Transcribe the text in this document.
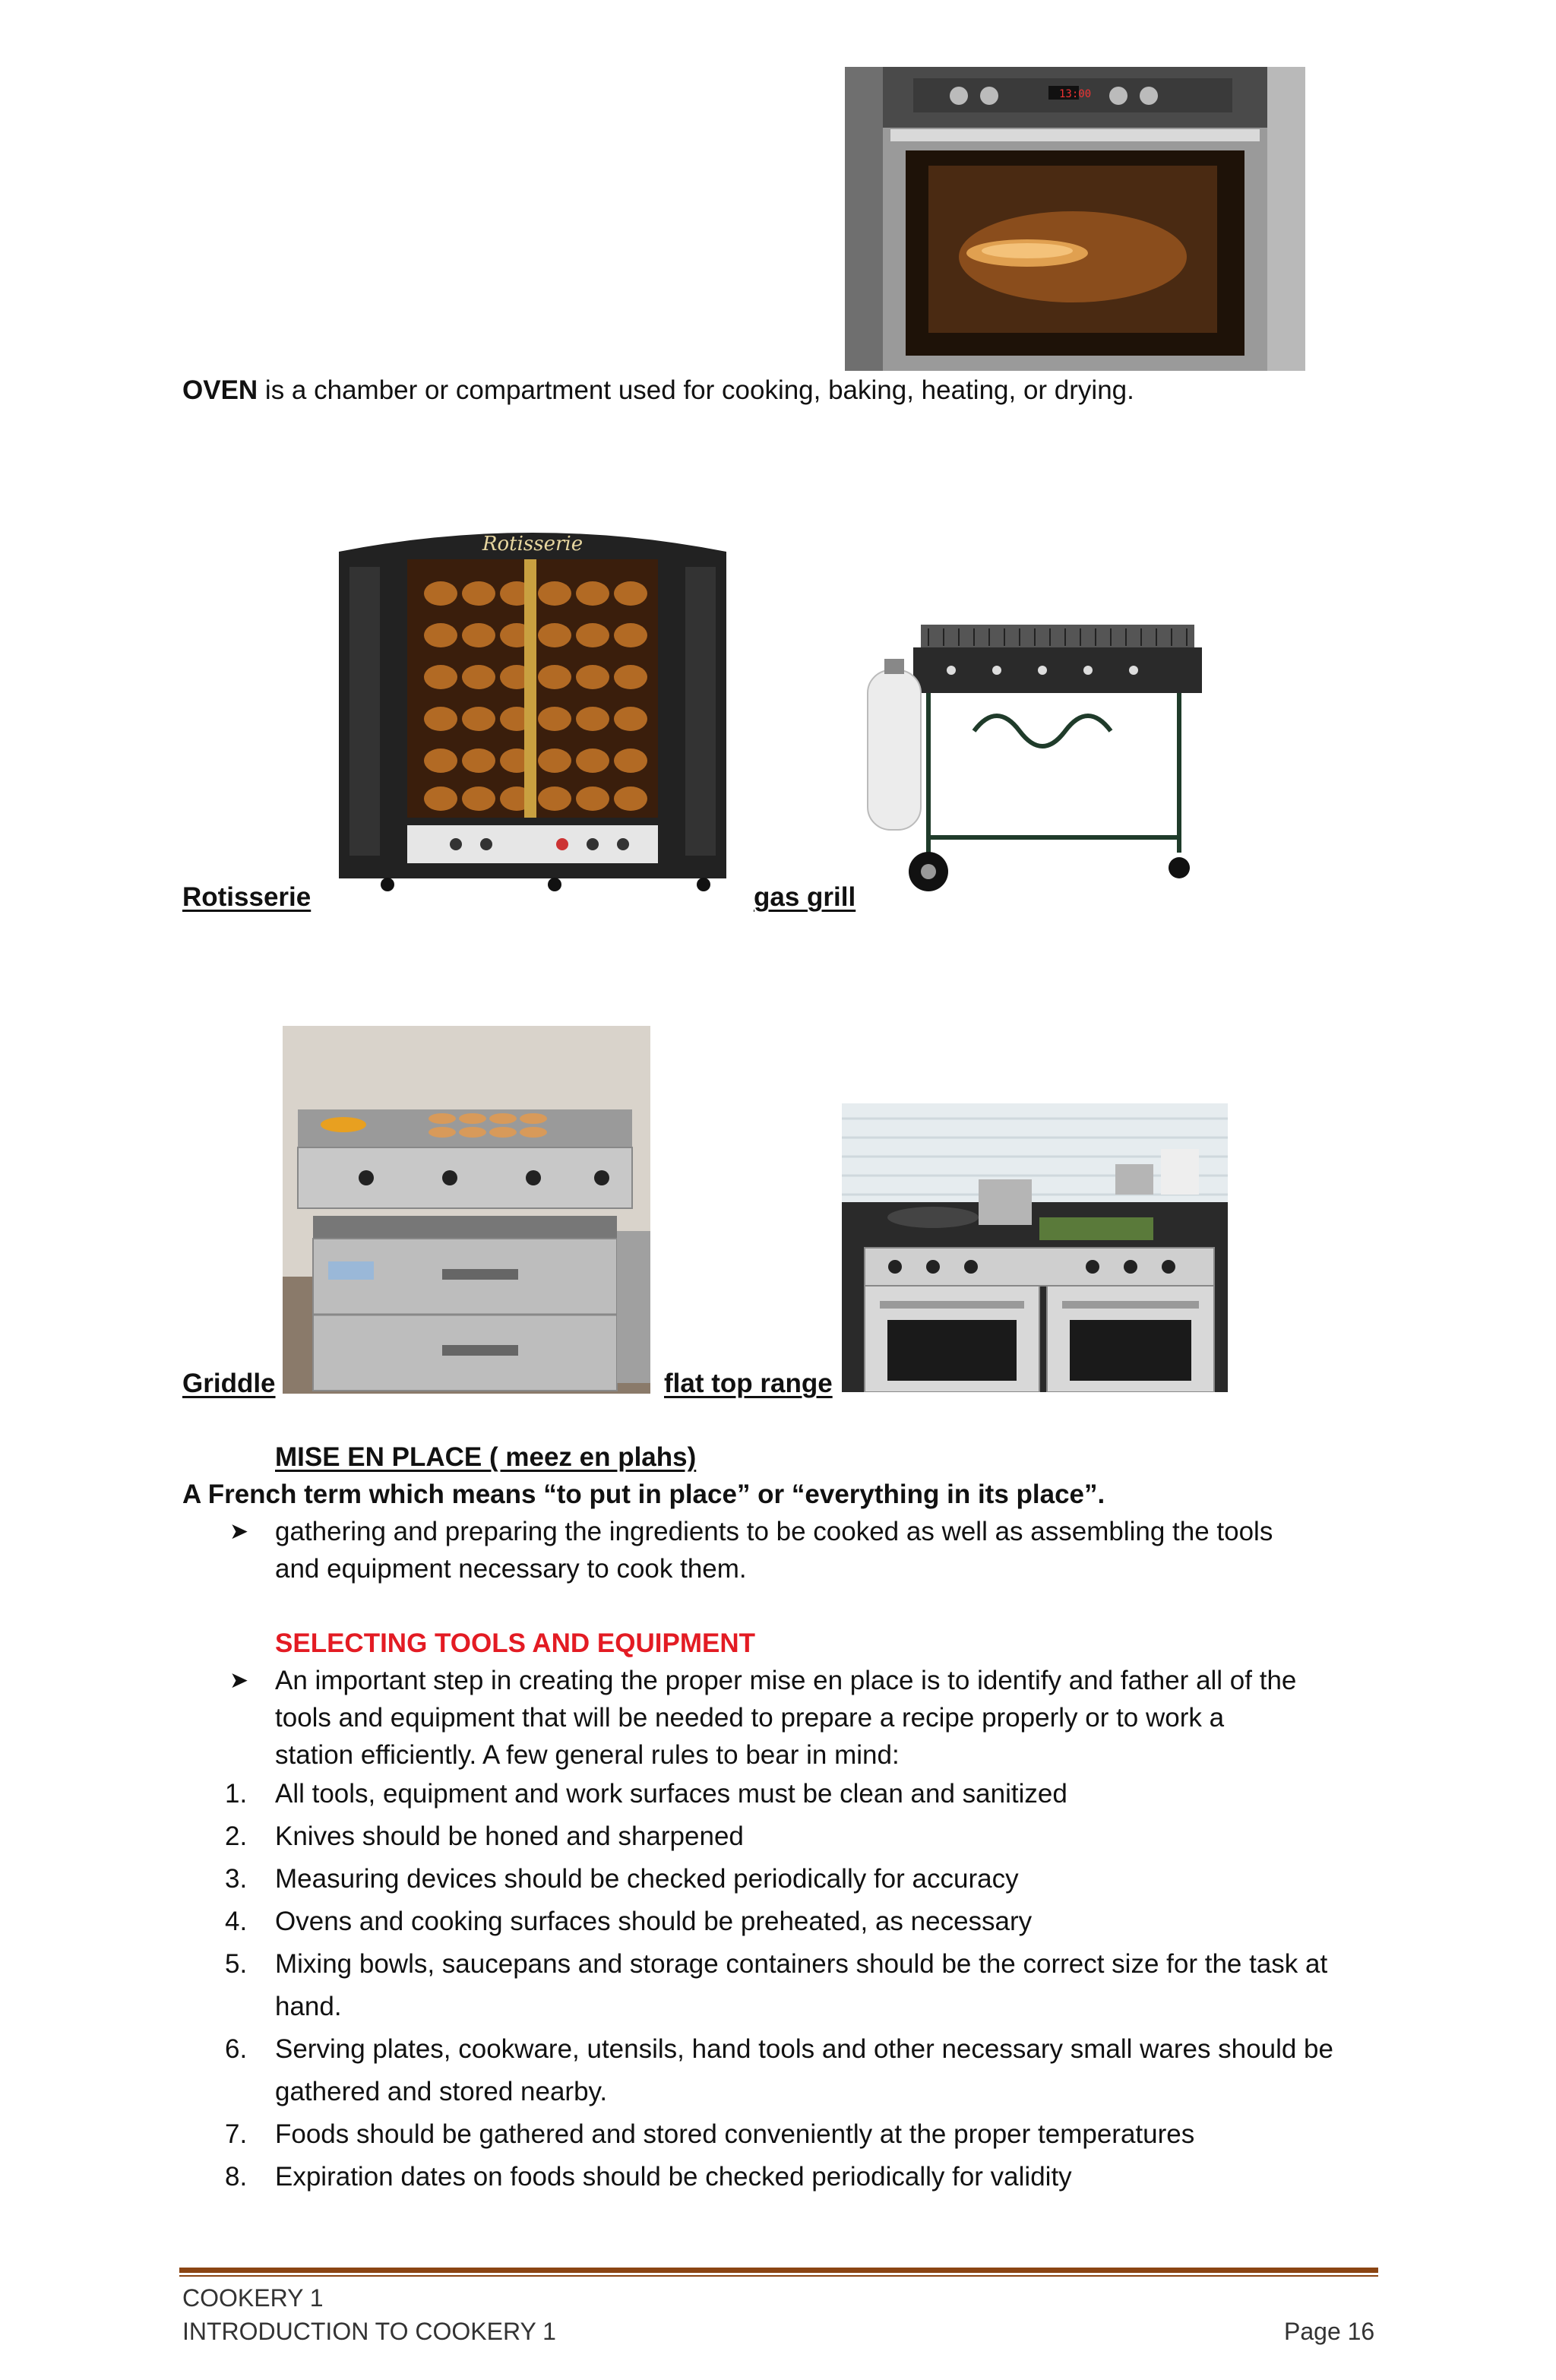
13:00
OVEN is a chamber or compartment used for cooking, baking, heating, or drying.
Rotisserie
Rotisserie
gas grill
Griddle	flat top range
MISE EN PLACE ( meez en plahs)
A French term which means “to put in place” or “everything in its place”.
➤ gathering and preparing the ingredients to be cooked as well as assembling the tools
and equipment necessary to cook them.
SELECTING TOOLS AND EQUIPMENT
➤ An important step in creating the proper mise en place is to identify and father all of the
tools and equipment that will be needed to prepare a recipe properly or to work a
station efficiently. A few general rules to bear in mind:
1. All tools, equipment and work surfaces must be clean and sanitized
2. Knives should be honed and sharpened
3. Measuring devices should be checked periodically for accuracy
4. Ovens and cooking surfaces should be preheated, as necessary
5. Mixing bowls, saucepans and storage containers should be the correct size for the task at hand.
6. Serving plates, cookware, utensils, hand tools and other necessary small wares should be gathered and stored nearby.
7. Foods should be gathered and stored conveniently at the proper temperatures
8. Expiration dates on foods should be checked periodically for validity
COOKERY 1
INTRODUCTION TO COOKERY 1	Page 16
